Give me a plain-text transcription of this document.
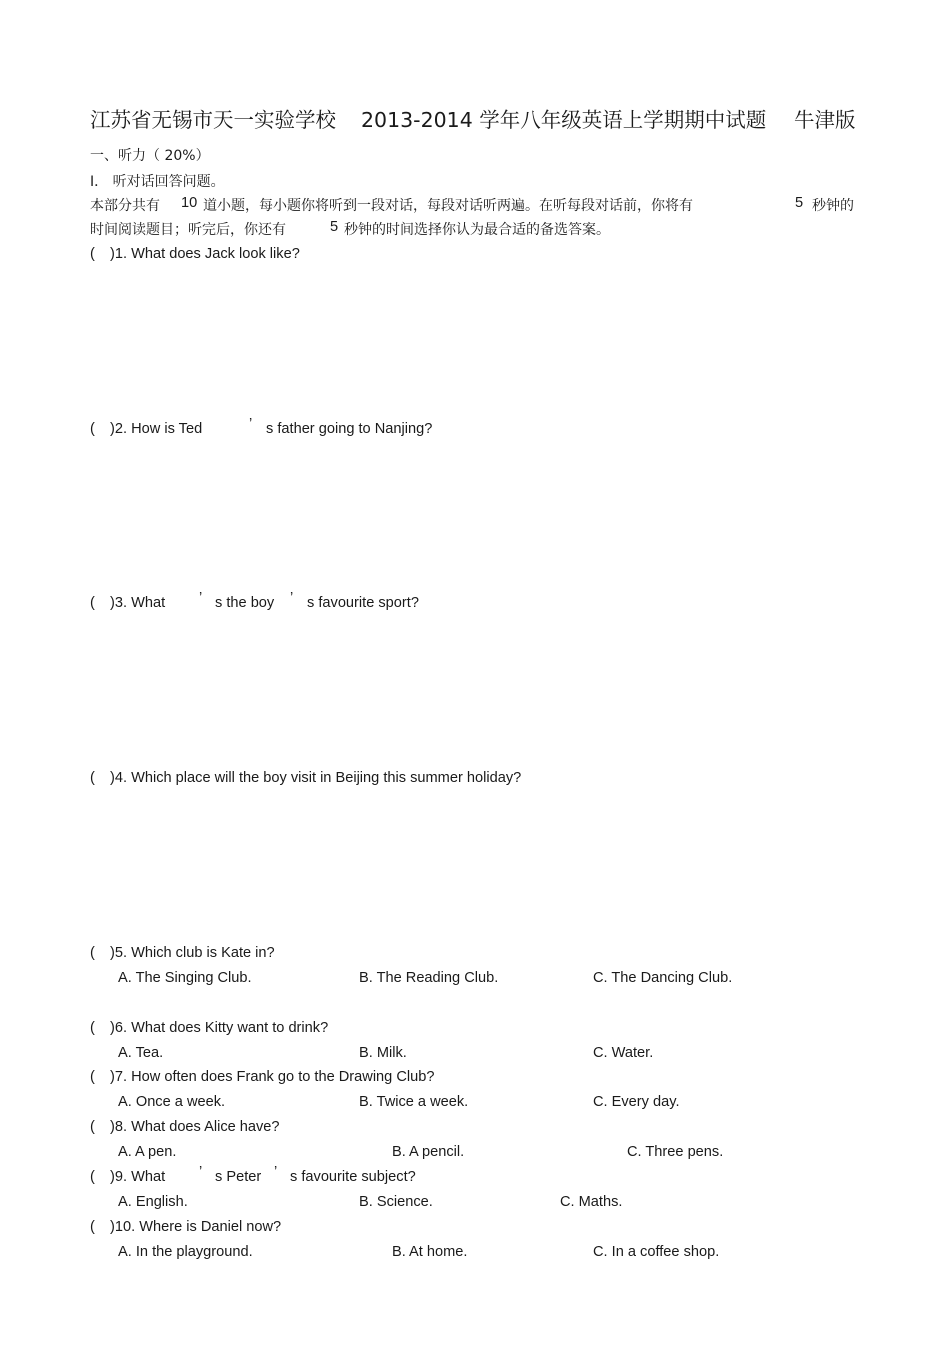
江苏省无锡市天一实验学校 2013-2014 学年八年级英语上学期期中试题 牛津版
一、听力（ 20%）
I． 听对话回答问题。
本部分共有 10 道小题，每小题你将听到一段对话，每段对话听两遍。在听每段对话前，你将有	5 秒钟的
时间阅读题目；听完后，你还有	5 秒钟的时间选择你认为最合适的备选答案。
( )1. What does Jack look like?
( )2. How is Ted	’ s father going to Nanjing?
( )3. What ’ s the boy ’ s favourite sport?
( )4. Which place will the boy visit in Beijing this summer holiday?
( )5. Which club is Kate in?
A. The Singing Club.	B. The Reading Club.	C. The Dancing Club.
( )6. What does Kitty want to drink?
A. Tea.	B. Milk.	C. Water.
( )7. How often does Frank go to the Drawing Club?
A. Once a week.	B. Twice a week.	C. Every day.
( )8. What does Alice have?
A. A pen.	B. A pencil.	C. Three pens.
( )9. What ’ s Peter ’ s favourite subject?
A. English.	B. Science.	C. Maths.
( )10. Where is Daniel now?
A. In the playground.	B. At home.	C. In a coffee shop.
